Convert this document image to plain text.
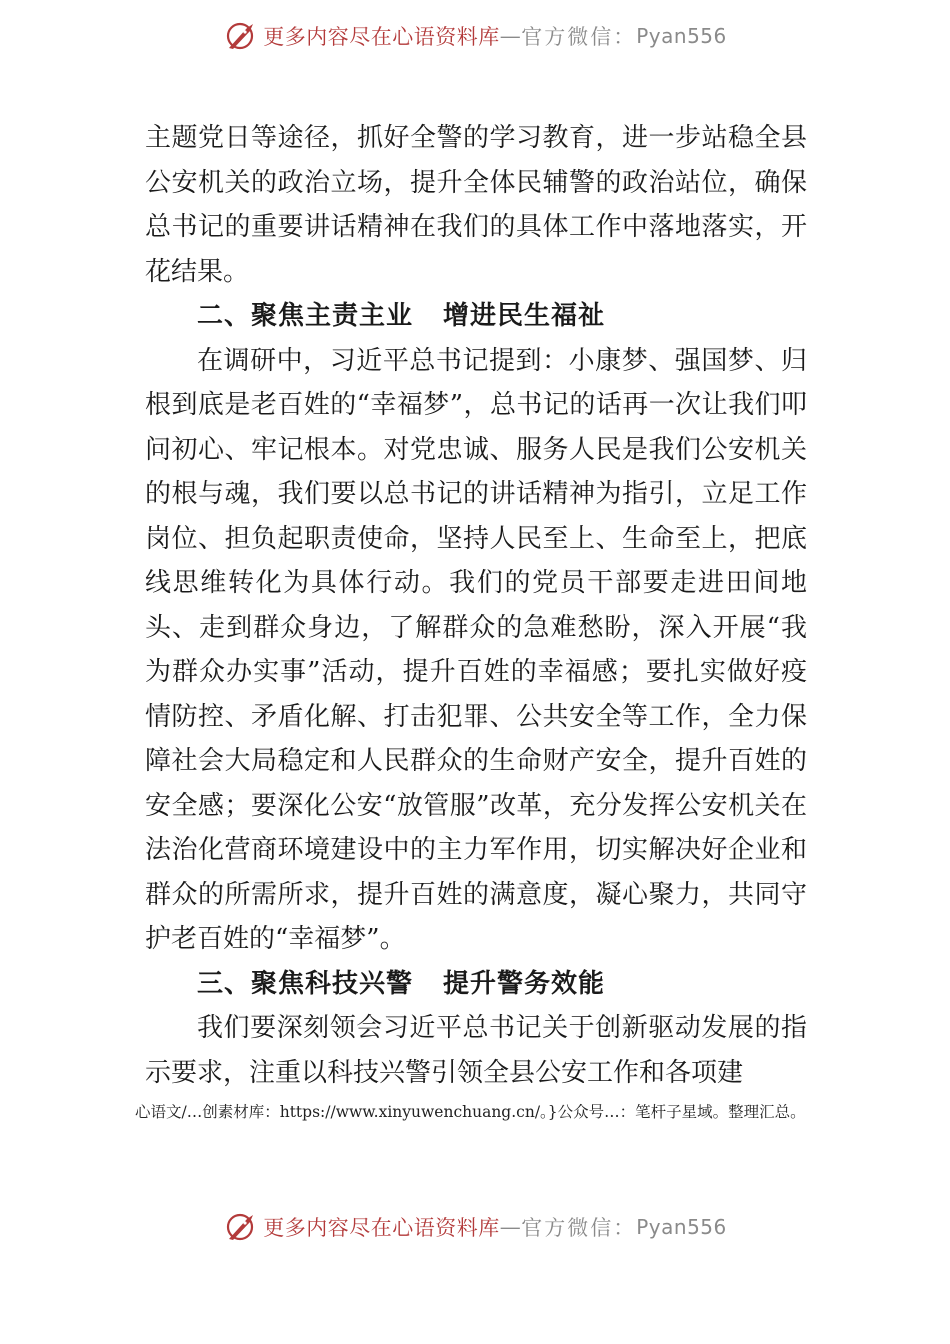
更多内容尽在心语资料库 — 官方微信： Pyan556

主题党日等途径，抓好全警的学习教育，进一步站稳全县公安机关的政治立场，提升全体民辅警的政治站位，确保总书记的重要讲话精神在我们的具体工作中落地落实，开花结果。

二、聚焦主责主业 增进民生福祉

在调研中，习近平总书记提到：小康梦、强国梦、归根到底是老百姓的“幸福梦”，总书记的话再一次让我们叩问初心、牢记根本。对党忠诚、服务人民是我们公安机关的根与魂，我们要以总书记的讲话精神为指引，立足工作岗位、担负起职责使命，坚持人民至上、生命至上，把底线思维转化为具体行动。我们的党员干部要走进田间地头、走到群众身边，了解群众的急难愁盼，深入开展“我为群众办实事”活动，提升百姓的幸福感；要扎实做好疫情防控、矛盾化解、打击犯罪、公共安全等工作，全力保障社会大局稳定和人民群众的生命财产安全，提升百姓的安全感；要深化公安“放管服”改革，充分发挥公安机关在法治化营商环境建设中的主力军作用，切实解决好企业和群众的所需所求，提升百姓的满意度，凝心聚力，共同守护老百姓的“幸福梦”。

三、聚焦科技兴警 提升警务效能

我们要深刻领会习近平总书记关于创新驱动发展的指示要求，注重以科技兴警引领全县公安工作和各项建

心语文/…创素材库：https://www.xinyuwenchuang.cn/。}公众号…：笔杆子星域。整理汇总。
更多内容尽在心语资料库 — 官方微信： Pyan556
